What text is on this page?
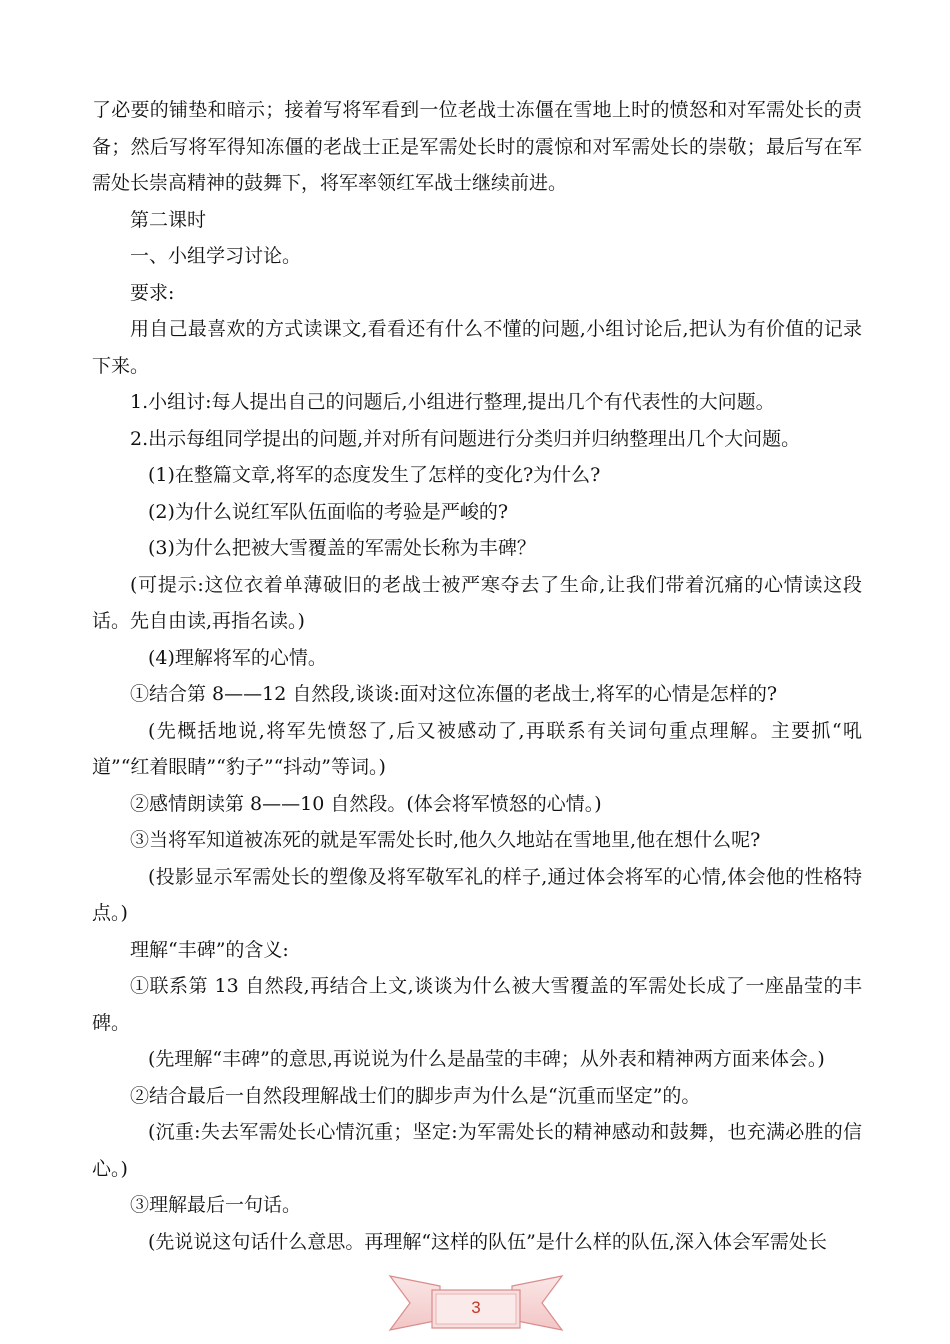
了必要的铺垫和暗示；接着写将军看到一位老战士冻僵在雪地上时的愤怒和对军需处长的责备；然后写将军得知冻僵的老战士正是军需处长时的震惊和对军需处长的崇敬；最后写在军需处长崇高精神的鼓舞下，将军率领红军战士继续前进。

第二课时

一、小组学习讨论。

要求:

用自己最喜欢的方式读课文,看看还有什么不懂的问题,小组讨论后,把认为有价值的记录下来。

1.小组讨:每人提出自己的问题后,小组进行整理,提出几个有代表性的大问题。

2.出示每组同学提出的问题,并对所有问题进行分类归并归纳整理出几个大问题。

(1)在整篇文章,将军的态度发生了怎样的变化?为什么?

(2)为什么说红军队伍面临的考验是严峻的?

(3)为什么把被大雪覆盖的军需处长称为丰碑？

(可提示:这位衣着单薄破旧的老战士被严寒夺去了生命,让我们带着沉痛的心情读这段话。先自由读,再指名读。)

(4)理解将军的心情。

①结合第 8——12 自然段,谈谈:面对这位冻僵的老战士,将军的心情是怎样的?

(先概括地说,将军先愤怒了,后又被感动了,再联系有关词句重点理解。主要抓“吼道”“红着眼睛”“豹子”“抖动”等词。)

②感情朗读第 8——10 自然段。(体会将军愤怒的心情。)

③当将军知道被冻死的就是军需处长时,他久久地站在雪地里,他在想什么呢?

(投影显示军需处长的塑像及将军敬军礼的样子,通过体会将军的心情,体会他的性格特点。)

理解“丰碑”的含义:

①联系第 13 自然段,再结合上文,谈谈为什么被大雪覆盖的军需处长成了一座晶莹的丰碑。

(先理解“丰碑”的意思,再说说为什么是晶莹的丰碑；从外表和精神两方面来体会。)

②结合最后一自然段理解战士们的脚步声为什么是“沉重而坚定”的。

(沉重:失去军需处长心情沉重；坚定:为军需处长的精神感动和鼓舞，也充满必胜的信心。)

③理解最后一句话。

(先说说这句话什么意思。再理解“这样的队伍”是什么样的队伍,深入体会军需处长

3
